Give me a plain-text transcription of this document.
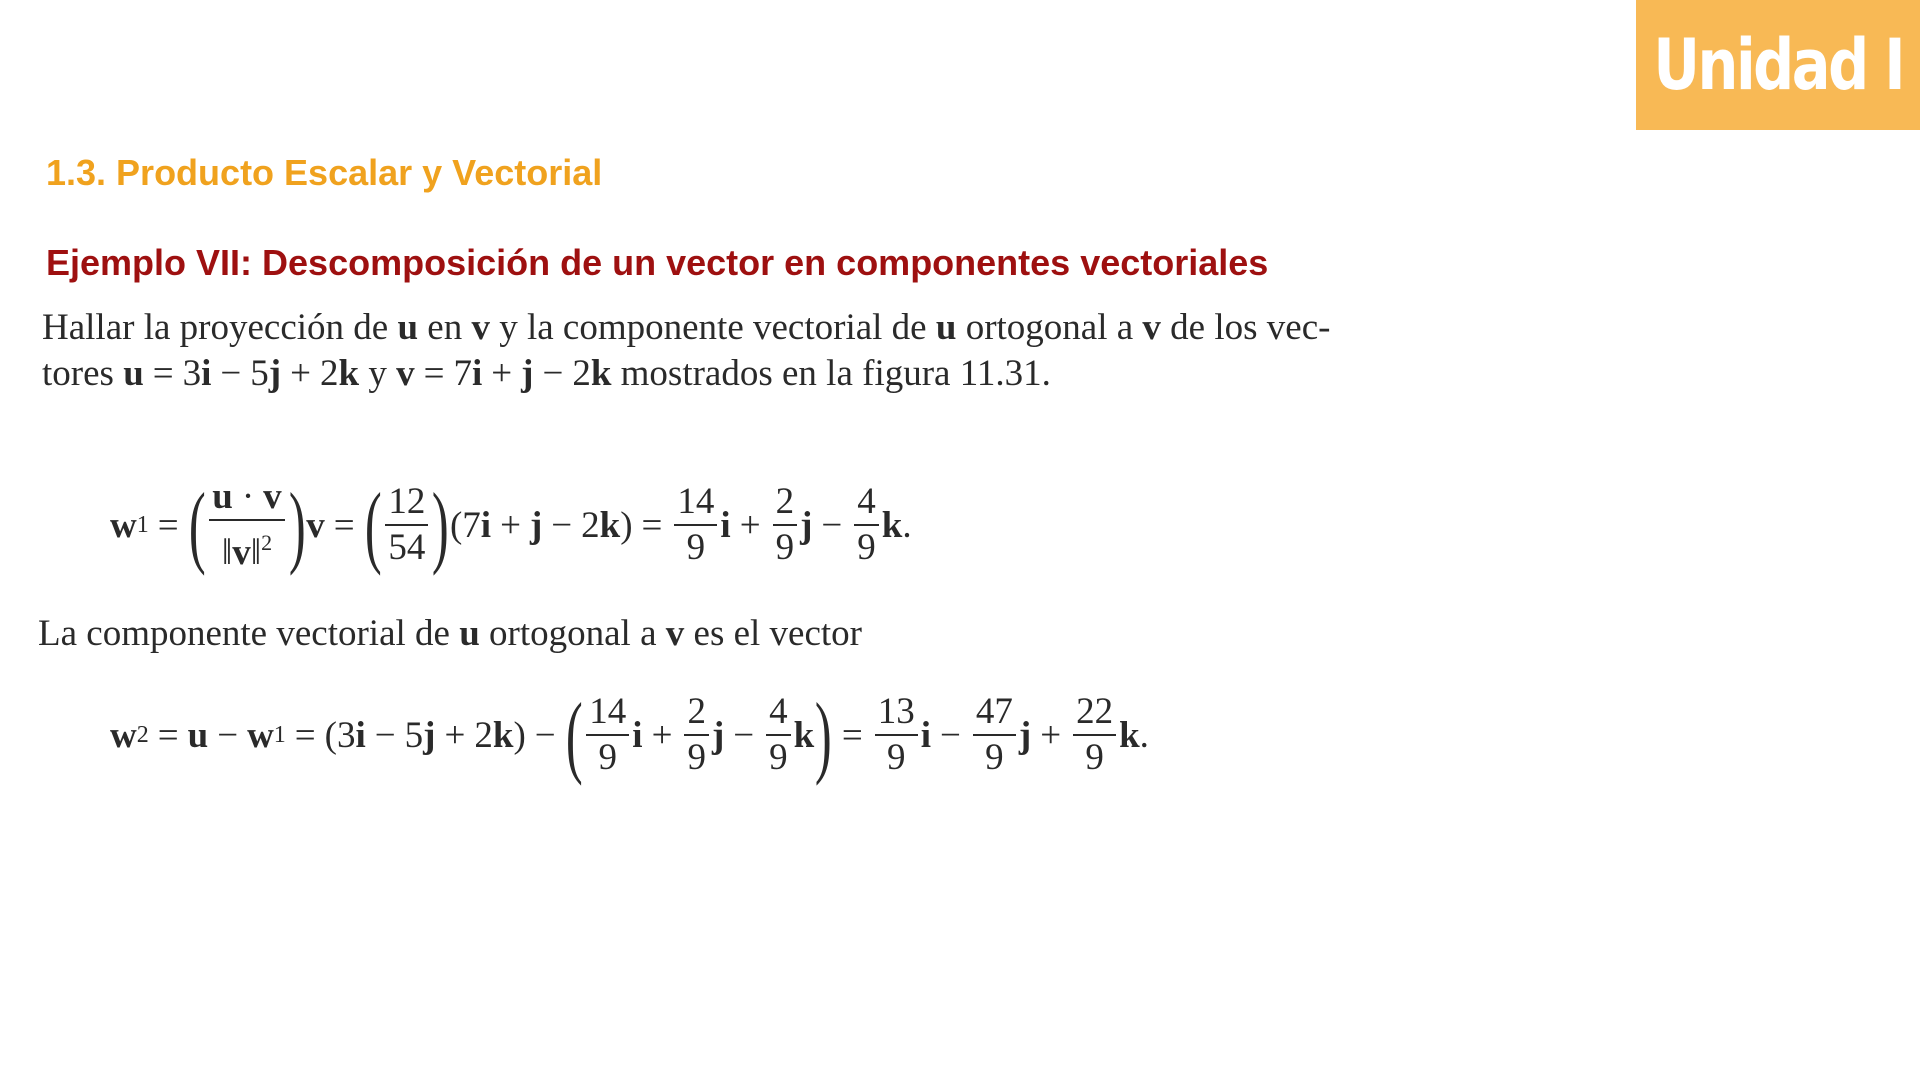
Unidad I
1.3. Producto Escalar y Vectorial
Ejemplo VII: Descomposición de un vector en componentes vectoriales

Hallar la proyección de u en v y la componente vectorial de u ortogonal a v de los vec-
tores u = 3i − 5j + 2k y v = 7i + j − 2k mostrados en la figura 11.31.

w 1 = ( $\frac{u \cdot v}{‖v‖^2}$ ) v = ( $\frac{12}{54}$ ) (7 i + j − 2 k ) = $\frac{14}{9}$ $i + \frac{2}{9}$ $j - \frac{4}{9}$ k .

La componente vectorial de u ortogonal a v es el vector

w 2 = u − w 1 = (3 i − 5 j + 2 k ) − ( $\frac{14}{9}$ $i + \frac{2}{9}$ $j - \frac{4}{9}$ k ) = $\frac{13}{9}$ $i - \frac{47}{9}$ $j + \frac{22}{9}$ k .
